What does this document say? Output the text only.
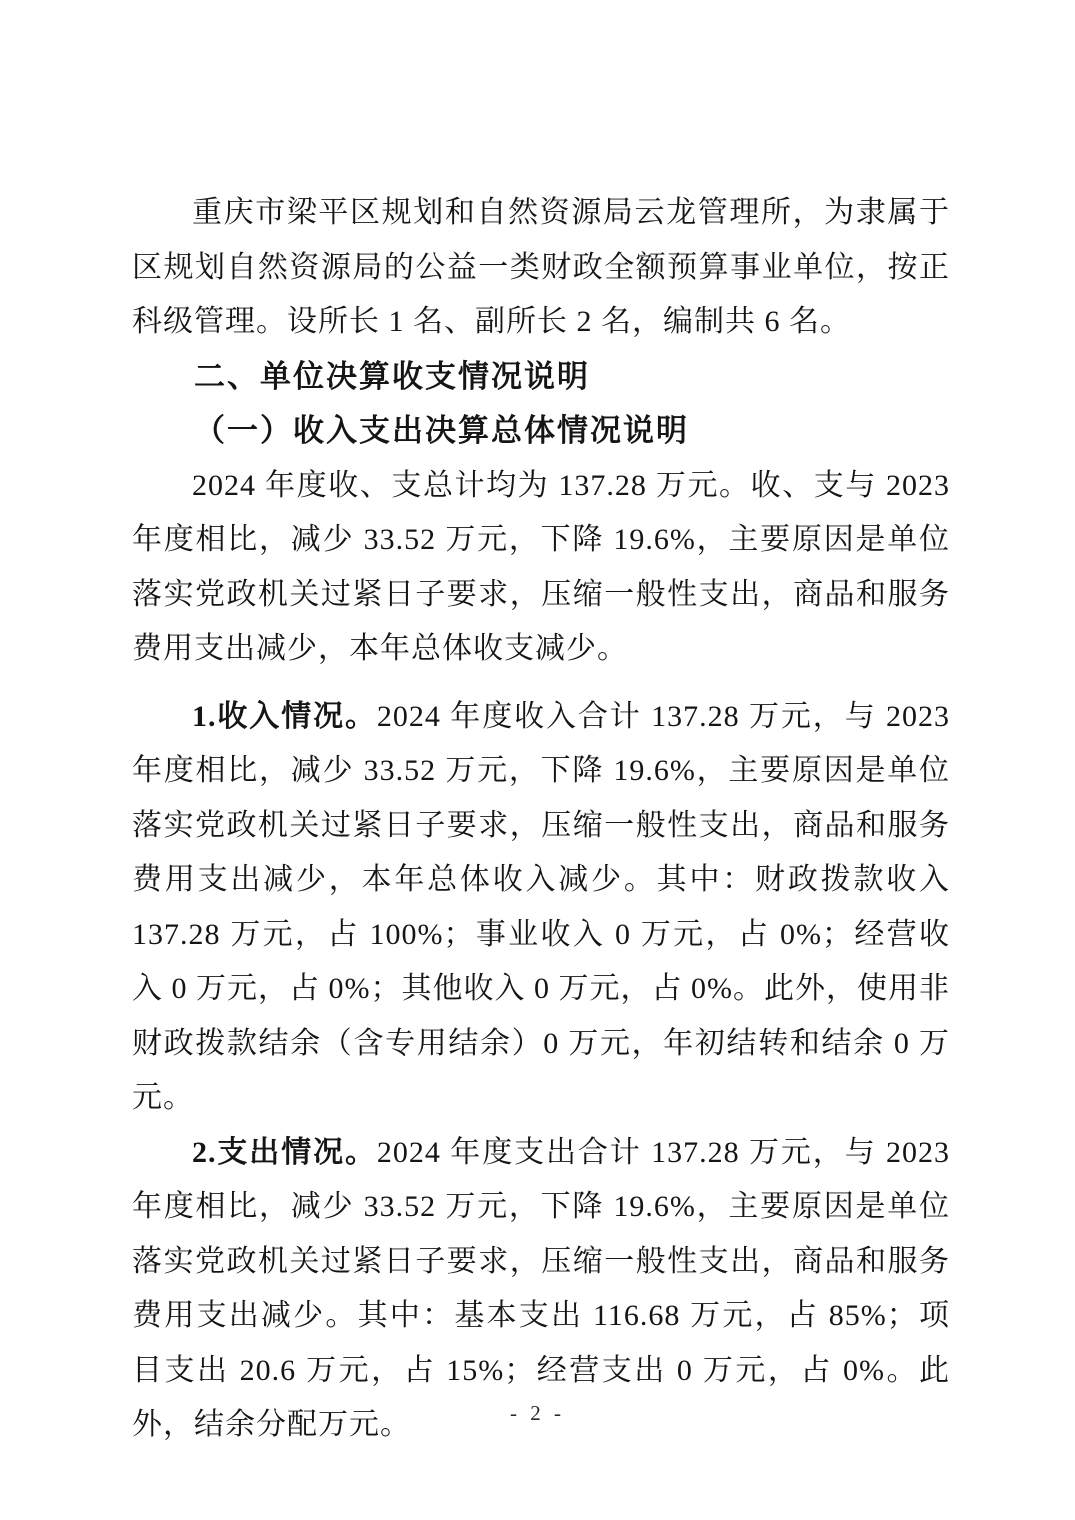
重庆市梁平区规划和自然资源局云龙管理所，为隶属于区规划自然资源局的公益一类财政全额预算事业单位，按正科级管理。设所长 1 名、副所长 2 名，编制共 6 名。

二、单位决算收支情况说明
（一）收入支出决算总体情况说明

2024 年度收、支总计均为 137.28 万元。收、支与 2023 年度相比，减少 33.52 万元，下降 19.6%，主要原因是单位落实党政机关过紧日子要求，压缩一般性支出，商品和服务费用支出减少，本年总体收支减少。

1.收入情况。2024 年度收入合计 137.28 万元，与 2023 年度相比，减少 33.52 万元，下降 19.6%，主要原因是单位落实党政机关过紧日子要求，压缩一般性支出，商品和服务费用支出减少，本年总体收入减少。其中：财政拨款收入 137.28 万元，占 100%；事业收入 0 万元，占 0%；经营收入 0 万元，占 0%；其他收入 0 万元，占 0%。此外，使用非财政拨款结余（含专用结余）0 万元，年初结转和结余 0 万元。

2.支出情况。2024 年度支出合计 137.28 万元，与 2023 年度相比，减少 33.52 万元，下降 19.6%，主要原因是单位落实党政机关过紧日子要求，压缩一般性支出，商品和服务费用支出减少。其中：基本支出 116.68 万元，占 85%；项目支出 20.6 万元，占 15%；经营支出 0 万元，占 0%。此外，结余分配万元。	- 2 -
